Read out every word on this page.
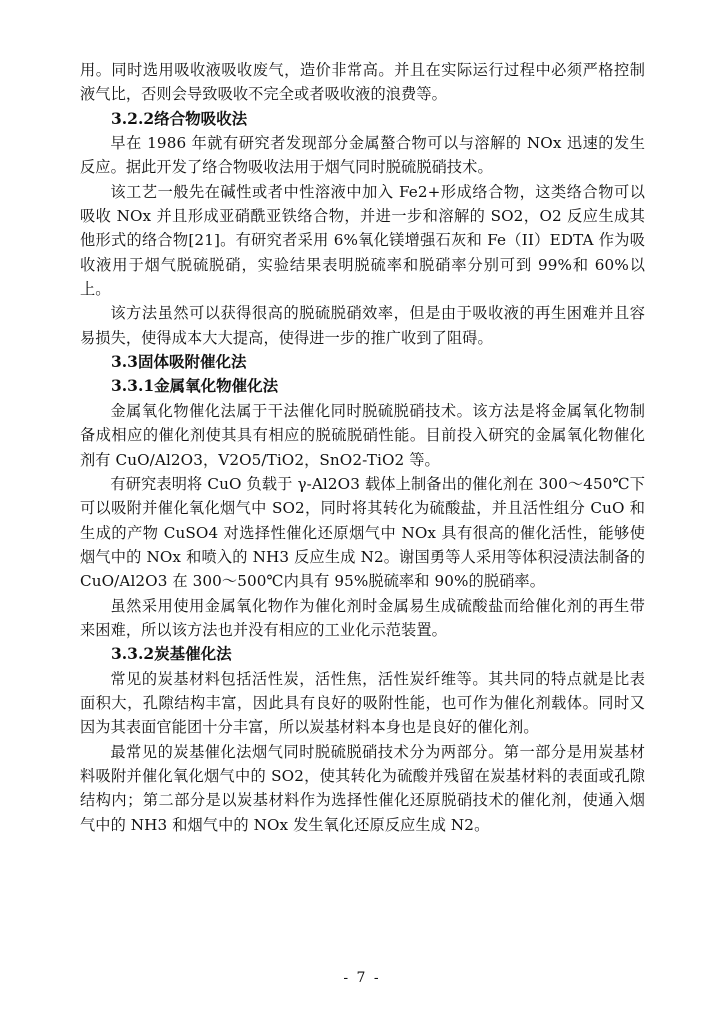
用。同时选用吸收液吸收废气，造价非常高。并且在实际运行过程中必须严格控制液气比，否则会导致吸收不完全或者吸收液的浪费等。

3.2.2络合物吸收法

早在 1986 年就有研究者发现部分金属螯合物可以与溶解的 NOx 迅速的发生反应。据此开发了络合物吸收法用于烟气同时脱硫脱硝技术。

该工艺一般先在碱性或者中性溶液中加入 Fe2+形成络合物，这类络合物可以吸收 NOx 并且形成亚硝酰亚铁络合物，并进一步和溶解的 SO2，O2 反应生成其他形式的络合物[21]。有研究者采用 6%氧化镁增强石灰和 Fe（II）EDTA 作为吸收液用于烟气脱硫脱硝，实验结果表明脱硫率和脱硝率分别可到 99%和 60%以上。

该方法虽然可以获得很高的脱硫脱硝效率，但是由于吸收液的再生困难并且容易损失，使得成本大大提高，使得进一步的推广收到了阻碍。

3.3固体吸附催化法

3.3.1金属氧化物催化法

金属氧化物催化法属于干法催化同时脱硫脱硝技术。该方法是将金属氧化物制备成相应的催化剂使其具有相应的脱硫脱硝性能。目前投入研究的金属氧化物催化剂有 CuO/Al2O3，V2O5/TiO2，SnO2-TiO2 等。

有研究表明将 CuO 负载于 γ-Al2O3 载体上制备出的催化剂在 300～450℃下可以吸附并催化氧化烟气中 SO2，同时将其转化为硫酸盐，并且活性组分 CuO 和生成的产物 CuSO4 对选择性催化还原烟气中 NOx 具有很高的催化活性，能够使烟气中的 NOx 和喷入的 NH3 反应生成 N2。谢国勇等人采用等体积浸渍法制备的 CuO/Al2O3 在 300～500℃内具有 95%脱硫率和 90%的脱硝率。

虽然采用使用金属氧化物作为催化剂时金属易生成硫酸盐而给催化剂的再生带来困难，所以该方法也并没有相应的工业化示范装置。

3.3.2炭基催化法

常见的炭基材料包括活性炭，活性焦，活性炭纤维等。其共同的特点就是比表面积大，孔隙结构丰富，因此具有良好的吸附性能，也可作为催化剂载体。同时又因为其表面官能团十分丰富，所以炭基材料本身也是良好的催化剂。

最常见的炭基催化法烟气同时脱硫脱硝技术分为两部分。第一部分是用炭基材料吸附并催化氧化烟气中的 SO2，使其转化为硫酸并残留在炭基材料的表面或孔隙结构内；第二部分是以炭基材料作为选择性催化还原脱硝技术的催化剂，使通入烟气中的 NH3 和烟气中的 NOx 发生氧化还原反应生成 N2。

- 7 -
